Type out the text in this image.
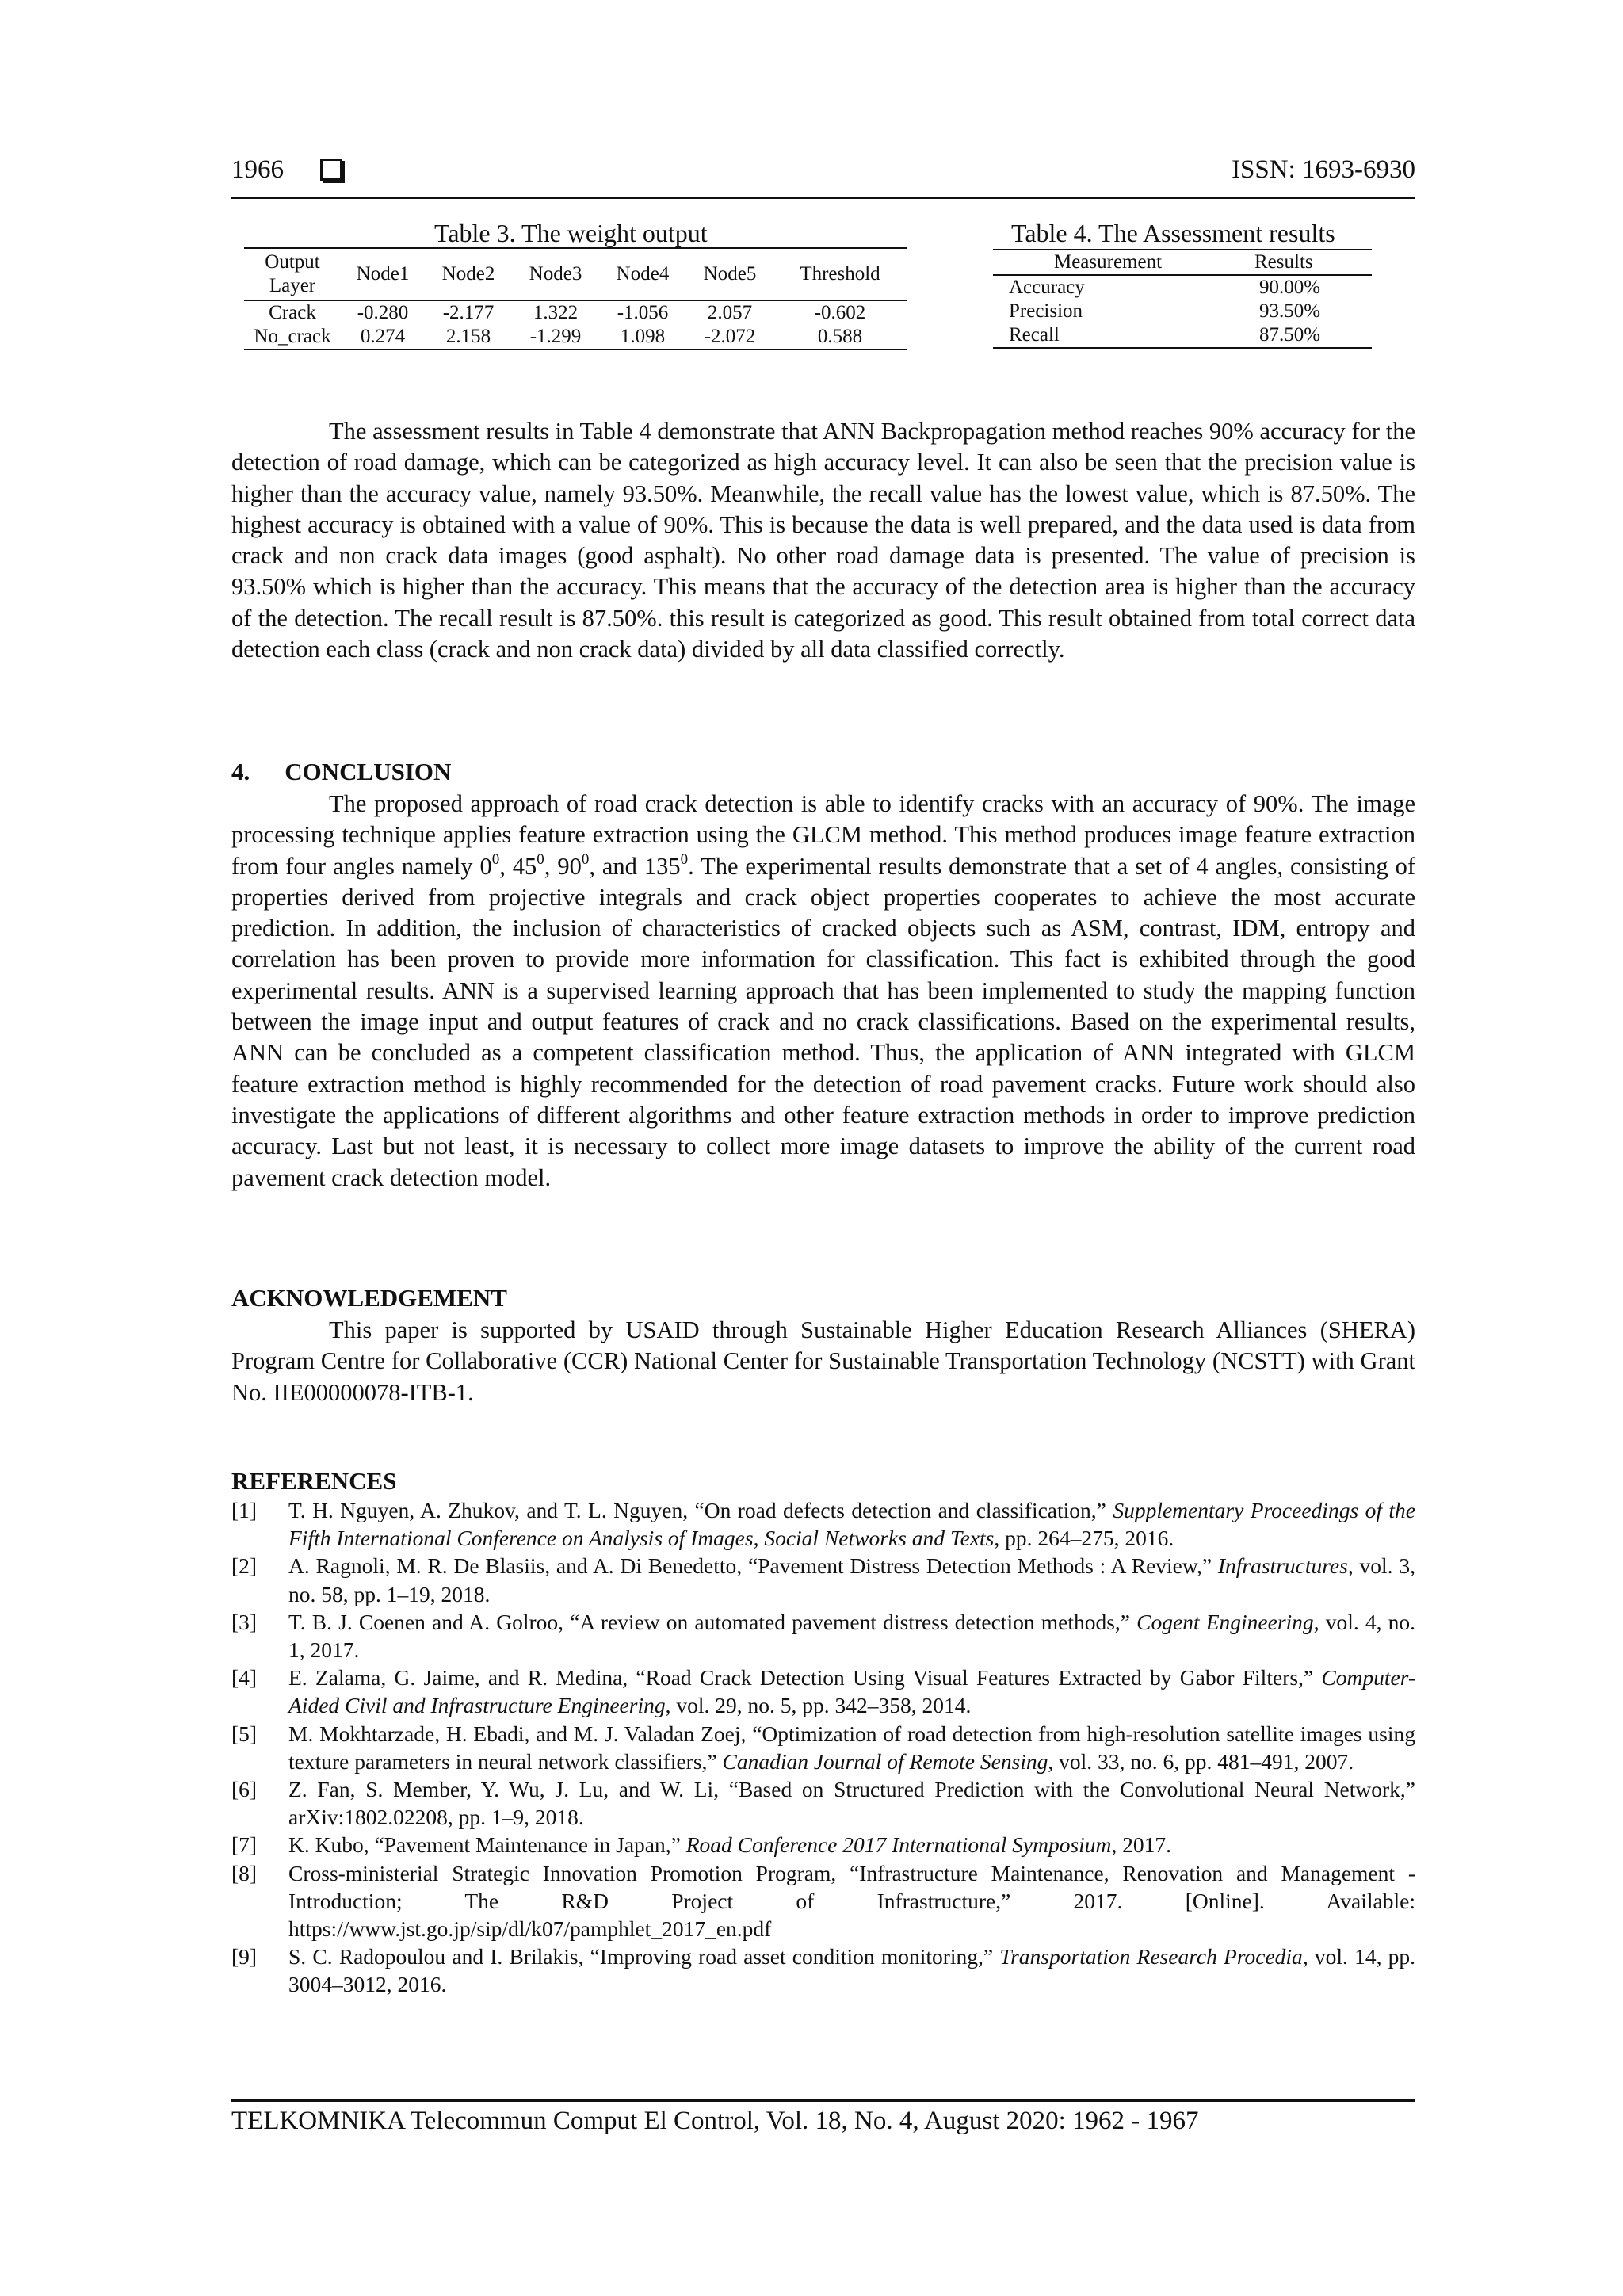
1966	ISSN: 1693-6930
Table 3. The weight output
Output Layer	Node1	Node2	Node3	Node4	Node5	Threshold
Crack	-0.280	-2.177	1.322	-1.056	2.057	-0.602
No_crack	0.274	2.158	-1.299	1.098	-2.072	0.588
Table 4. The Assessment results
Measurement	Results
Accuracy	90.00%
Precision	93.50%
Recall	87.50%
The assessment results in Table 4 demonstrate that ANN Backpropagation method reaches 90% accuracy for the detection of road damage, which can be categorized as high accuracy level. It can also be seen that the precision value is higher than the accuracy value, namely 93.50%. Meanwhile, the recall value has the lowest value, which is 87.50%. The highest accuracy is obtained with a value of 90%. This is because the data is well prepared, and the data used is data from crack and non crack data images (good asphalt). No other road damage data is presented. The value of precision is 93.50% which is higher than the accuracy. This means that the accuracy of the detection area is higher than the accuracy of the detection. The recall result is 87.50%. this result is categorized as good. This result obtained from total correct data detection each class (crack and non crack data) divided by all data classified correctly.
4. CONCLUSION
The proposed approach of road crack detection is able to identify cracks with an accuracy of 90%. The image processing technique applies feature extraction using the GLCM method. This method produces image feature extraction from four angles namely $0^0$, $45^0$, $90^0$, and $135^0$. The experimental results demonstrate that a set of 4 angles, consisting of properties derived from projective integrals and crack object properties cooperates to achieve the most accurate prediction. In addition, the inclusion of characteristics of cracked objects such as ASM, contrast, IDM, entropy and correlation has been proven to provide more information for classification. This fact is exhibited through the good experimental results. ANN is a supervised learning approach that has been implemented to study the mapping function between the image input and output features of crack and no crack classifications. Based on the experimental results, ANN can be concluded as a competent classification method. Thus, the application of ANN integrated with GLCM feature extraction method is highly recommended for the detection of road pavement cracks. Future work should also investigate the applications of different algorithms and other feature extraction methods in order to improve prediction accuracy. Last but not least, it is necessary to collect more image datasets to improve the ability of the current road pavement crack detection model.
ACKNOWLEDGEMENT
This paper is supported by USAID through Sustainable Higher Education Research Alliances (SHERA) Program Centre for Collaborative (CCR) National Center for Sustainable Transportation Technology (NCSTT) with Grant No. IIE00000078-ITB-1.
REFERENCES
[1] T. H. Nguyen, A. Zhukov, and T. L. Nguyen, “On road defects detection and classification,” Supplementary Proceedings of the Fifth International Conference on Analysis of Images, Social Networks and Texts, pp. 264–275, 2016.
[2] A. Ragnoli, M. R. De Blasiis, and A. Di Benedetto, “Pavement Distress Detection Methods : A Review,” Infrastructures, vol. 3, no. 58, pp. 1–19, 2018.
[3] T. B. J. Coenen and A. Golroo, “A review on automated pavement distress detection methods,” Cogent Engineering, vol. 4, no. 1, 2017.
[4] E. Zalama, G. Jaime, and R. Medina, “Road Crack Detection Using Visual Features Extracted by Gabor Filters,” Computer-Aided Civil and Infrastructure Engineering, vol. 29, no. 5, pp. 342–358, 2014.
[5] M. Mokhtarzade, H. Ebadi, and M. J. Valadan Zoej, “Optimization of road detection from high-resolution satellite images using texture parameters in neural network classifiers,” Canadian Journal of Remote Sensing, vol. 33, no. 6, pp. 481–491, 2007.
[6] Z. Fan, S. Member, Y. Wu, J. Lu, and W. Li, “Based on Structured Prediction with the Convolutional Neural Network,” arXiv:1802.02208, pp. 1–9, 2018.
[7] K. Kubo, “Pavement Maintenance in Japan,” Road Conference 2017 International Symposium, 2017.
[8] Cross-ministerial Strategic Innovation Promotion Program, “Infrastructure Maintenance, Renovation and Management - Introduction; The R&D Project of Infrastructure,” 2017. [Online]. Available: https://www.jst.go.jp/sip/dl/k07/pamphlet_2017_en.pdf
[9] S. C. Radopoulou and I. Brilakis, “Improving road asset condition monitoring,” Transportation Research Procedia, vol. 14, pp. 3004–3012, 2016.
TELKOMNIKA Telecommun Comput El Control, Vol. 18, No. 4, August 2020: 1962 - 1967
